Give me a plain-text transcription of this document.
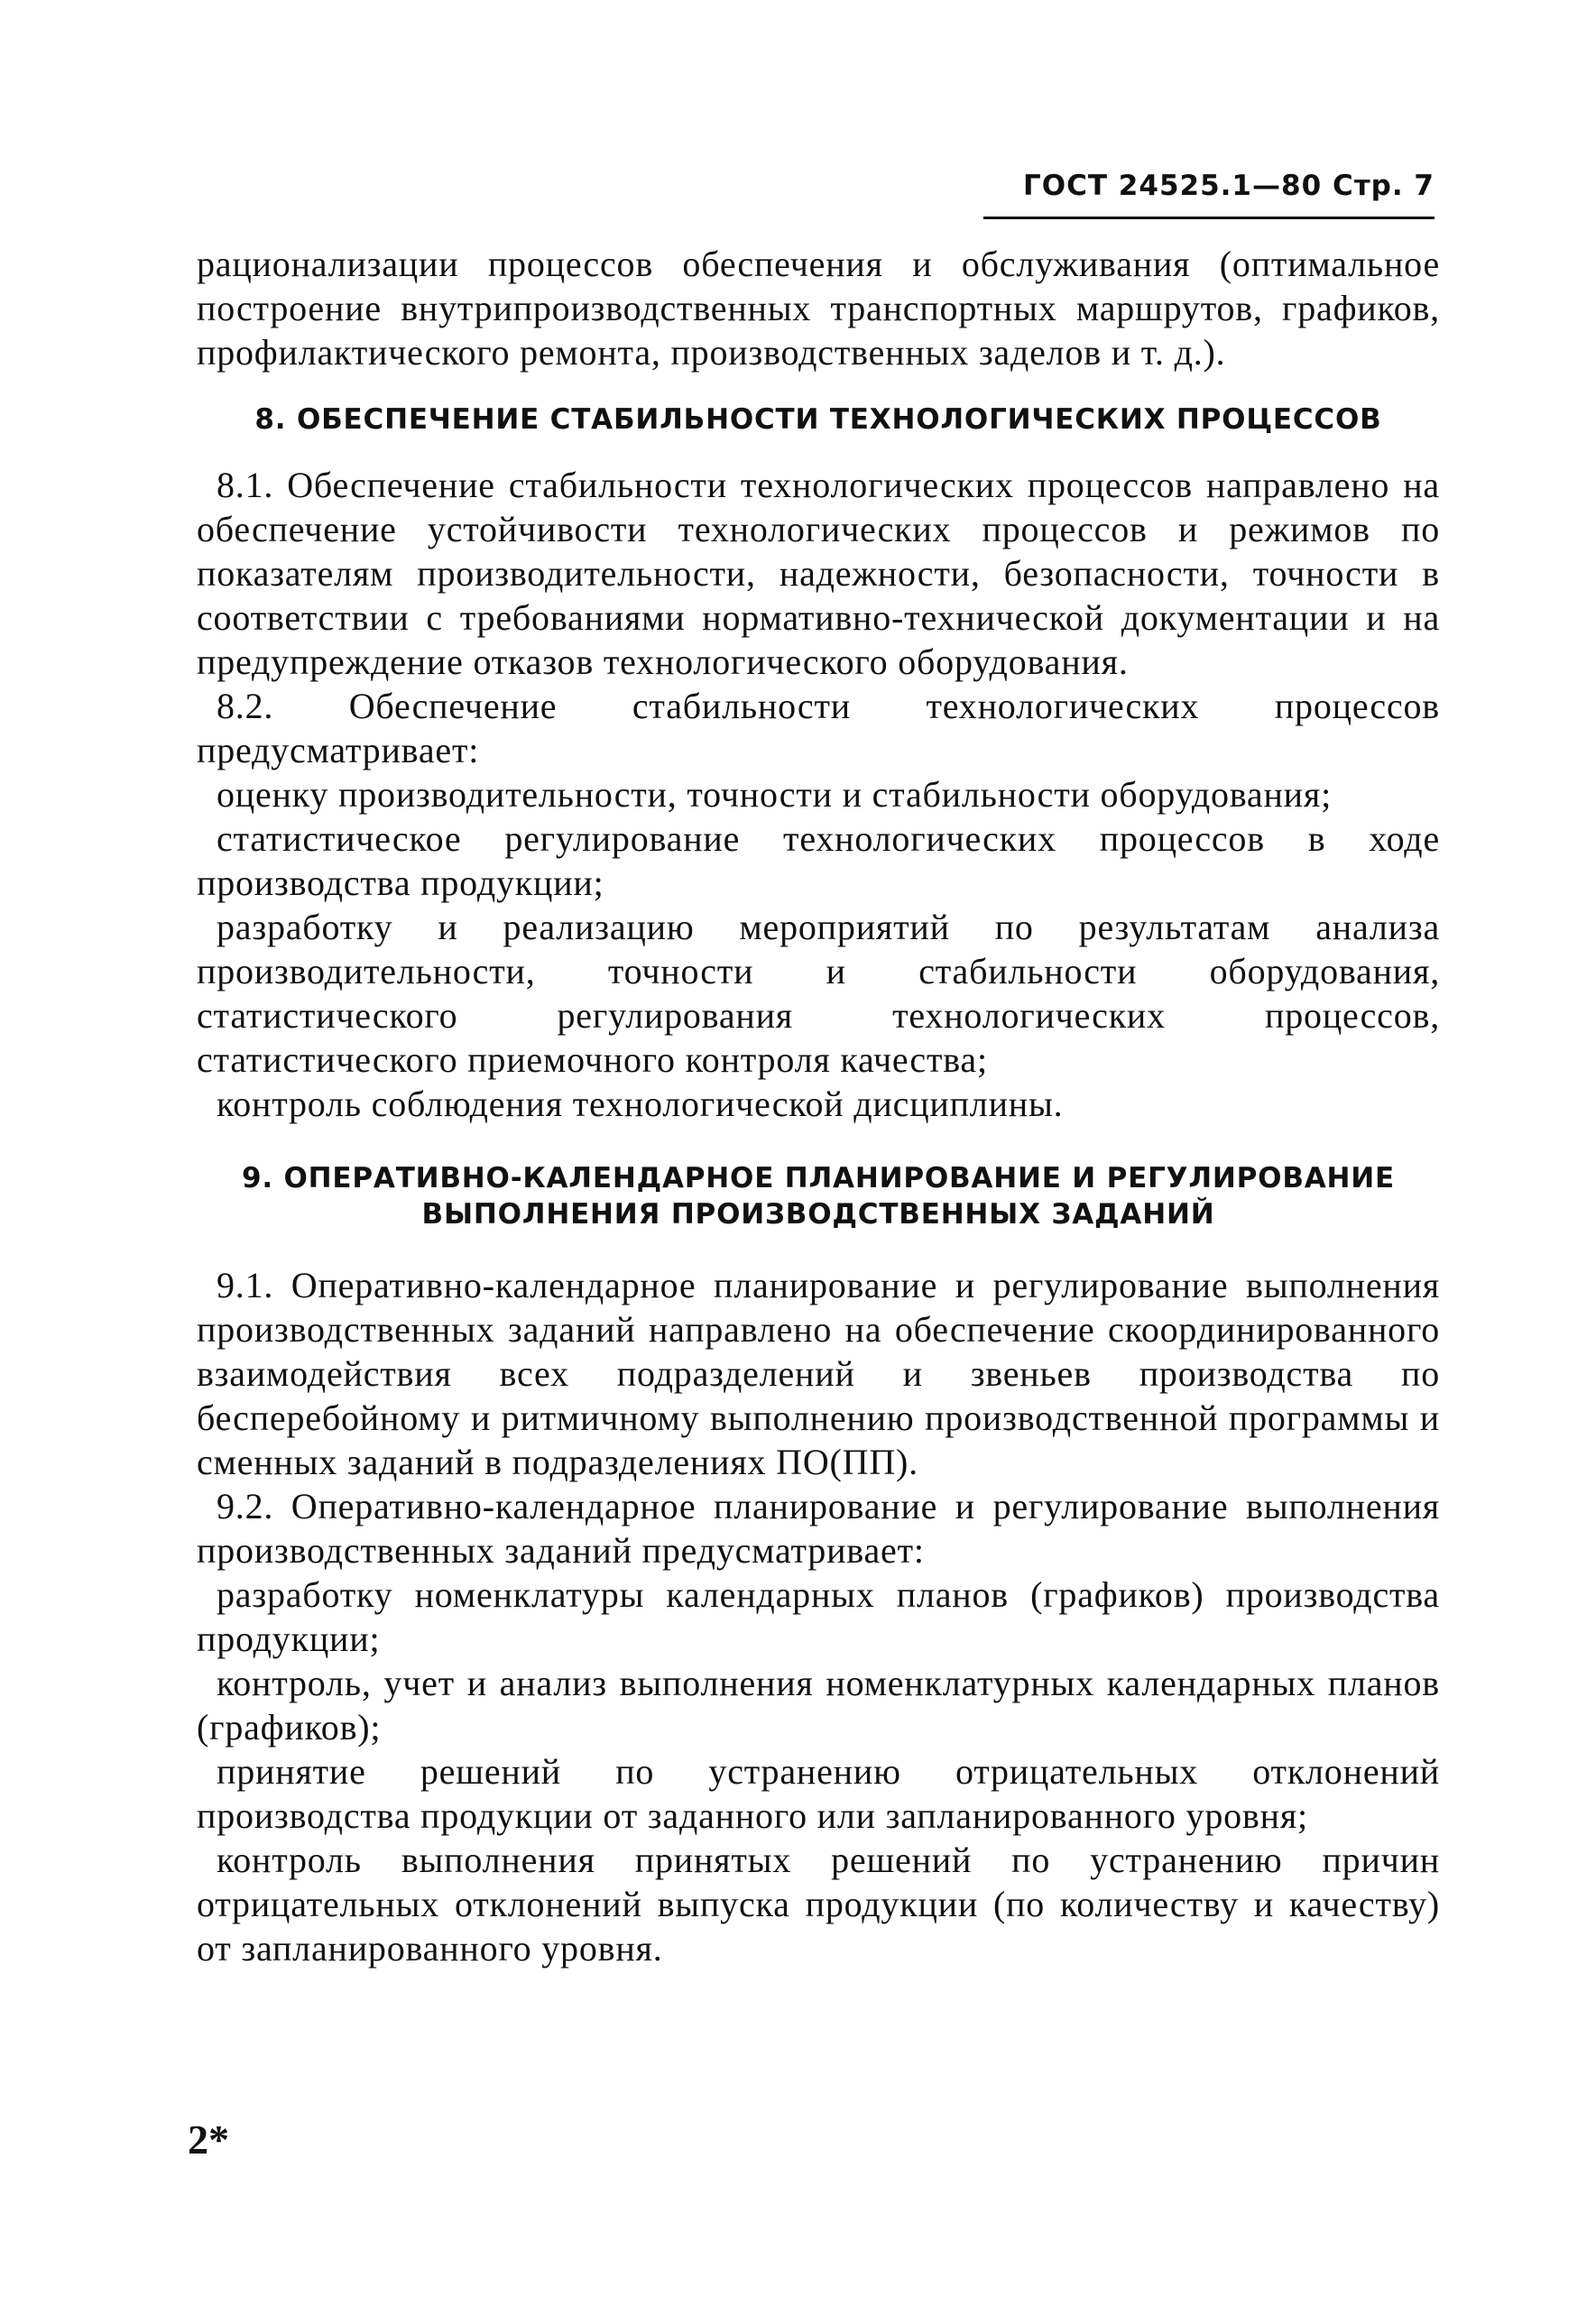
ГОСТ 24525.1—80 Стр. 7

рационализации процессов обеспечения и обслуживания (оптимальное построение внутрипроизводственных транспортных маршрутов, графиков, профилактического ремонта, производственных заделов и т. д.).

8. ОБЕСПЕЧЕНИЕ СТАБИЛЬНОСТИ ТЕХНОЛОГИЧЕСКИХ ПРОЦЕССОВ

8.1. Обеспечение стабильности технологических процессов направлено на обеспечение устойчивости технологических процессов и режимов по показателям производительности, надежности, безопасности, точности в соответствии с требованиями нормативно-технической документации и на предупреждение отказов технологического оборудования.

8.2. Обеспечение стабильности технологических процессов предусматривает:

оценку производительности, точности и стабильности оборудования;

статистическое регулирование технологических процессов в ходе производства продукции;

разработку и реализацию мероприятий по результатам анализа производительности, точности и стабильности оборудования, статистического регулирования технологических процессов, статистического приемочного контроля качества;

контроль соблюдения технологической дисциплины.

9. ОПЕРАТИВНО-КАЛЕНДАРНОЕ ПЛАНИРОВАНИЕ И РЕГУЛИРОВАНИЕ
ВЫПОЛНЕНИЯ ПРОИЗВОДСТВЕННЫХ ЗАДАНИЙ

9.1. Оперативно-календарное планирование и регулирование выполнения производственных заданий направлено на обеспечение скоординированного взаимодействия всех подразделений и звеньев производства по бесперебойному и ритмичному выполнению производственной программы и сменных заданий в подразделениях ПО(ПП).

9.2. Оперативно-календарное планирование и регулирование выполнения производственных заданий предусматривает:

разработку номенклатуры календарных планов (графиков) производства продукции;

контроль, учет и анализ выполнения номенклатурных календарных планов (графиков);

принятие решений по устранению отрицательных отклонений производства продукции от заданного или запланированного уровня;

контроль выполнения принятых решений по устранению причин отрицательных отклонений выпуска продукции (по количеству и качеству) от запланированного уровня.

2*
